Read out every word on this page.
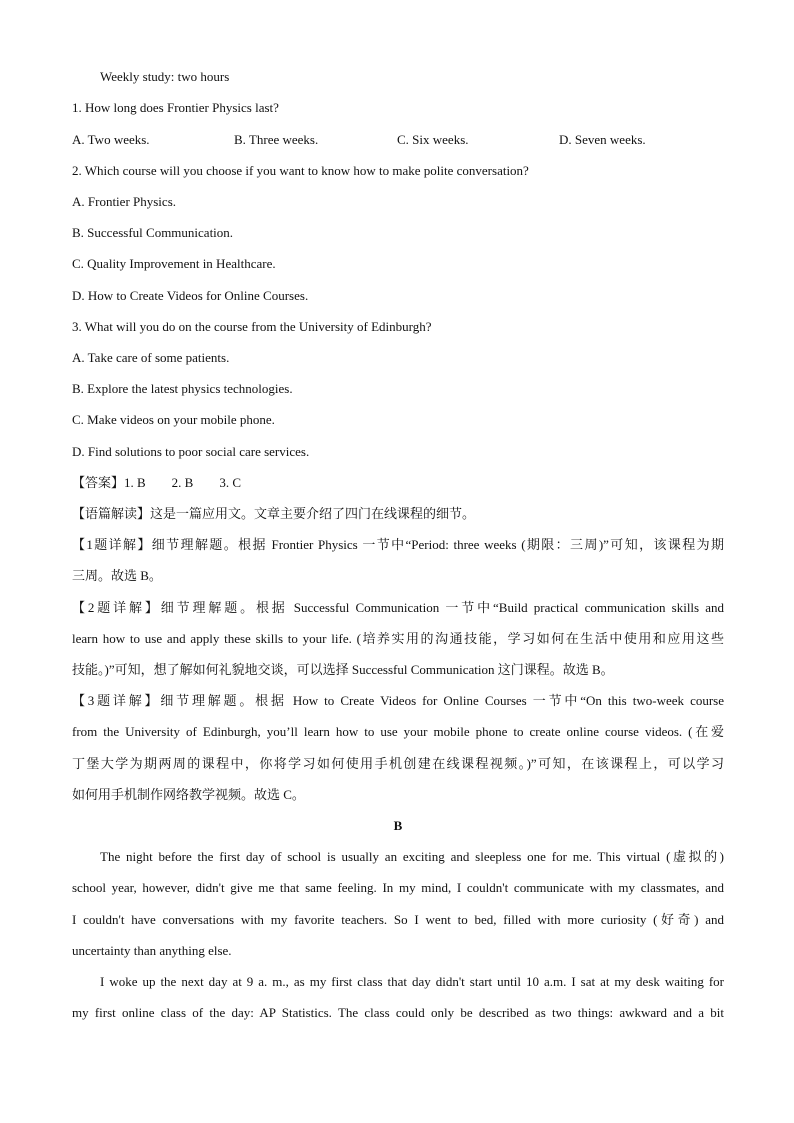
Weekly study: two hours
1. How long does Frontier Physics last?
A. Two weeks.	B. Three weeks.	C. Six weeks.	D. Seven weeks.
2. Which course will you choose if you want to know how to make polite conversation?
A. Frontier Physics.
B. Successful Communication.
C. Quality Improvement in Healthcare.
D. How to Create Videos for Online Courses.
3. What will you do on the course from the University of Edinburgh?
A. Take care of some patients.
B. Explore the latest physics technologies.
C. Make videos on your mobile phone.
D. Find solutions to poor social care services.
【答案】1. B        2. B        3. C
【语篇解读】这是一篇应用文。文章主要介绍了四门在线课程的细节。
【1题详解】细节理解题。根据 Frontier Physics 一节中“Period: three weeks (期限：三周)”可知，该课程为期
三周。故选 B。
【2题详解】细节理解题。根据 Successful Communication 一节中“Build practical communication skills and
learn how to use and apply these skills to your life. (培养实用的沟通技能，学习如何在生活中使用和应用这些
技能。)”可知，想了解如何礼貌地交谈，可以选择 Successful Communication 这门课程。故选 B。
【3题详解】细节理解题。根据 How to Create Videos for Online Courses 一节中“On this two-week course
from the University of Edinburgh, you’ll learn how to use your mobile phone to create online course videos. (在爱
丁堡大学为期两周的课程中，你将学习如何使用手机创建在线课程视频。)”可知，在该课程上，可以学习
如何用手机制作网络教学视频。故选 C。
B
The night before the first day of school is usually an exciting and sleepless one for me. This virtual (虚拟的)
school year, however, didn't give me that same feeling. In my mind, I couldn't communicate with my classmates, and
I couldn't have conversations with my favorite teachers. So I went to bed, filled with more curiosity (好奇) and
uncertainty than anything else.
I woke up the next day at 9 a. m., as my first class that day didn't start until 10 a.m. I sat at my desk waiting for
my first online class of the day: AP Statistics. The class could only be described as two things: awkward and a bit
